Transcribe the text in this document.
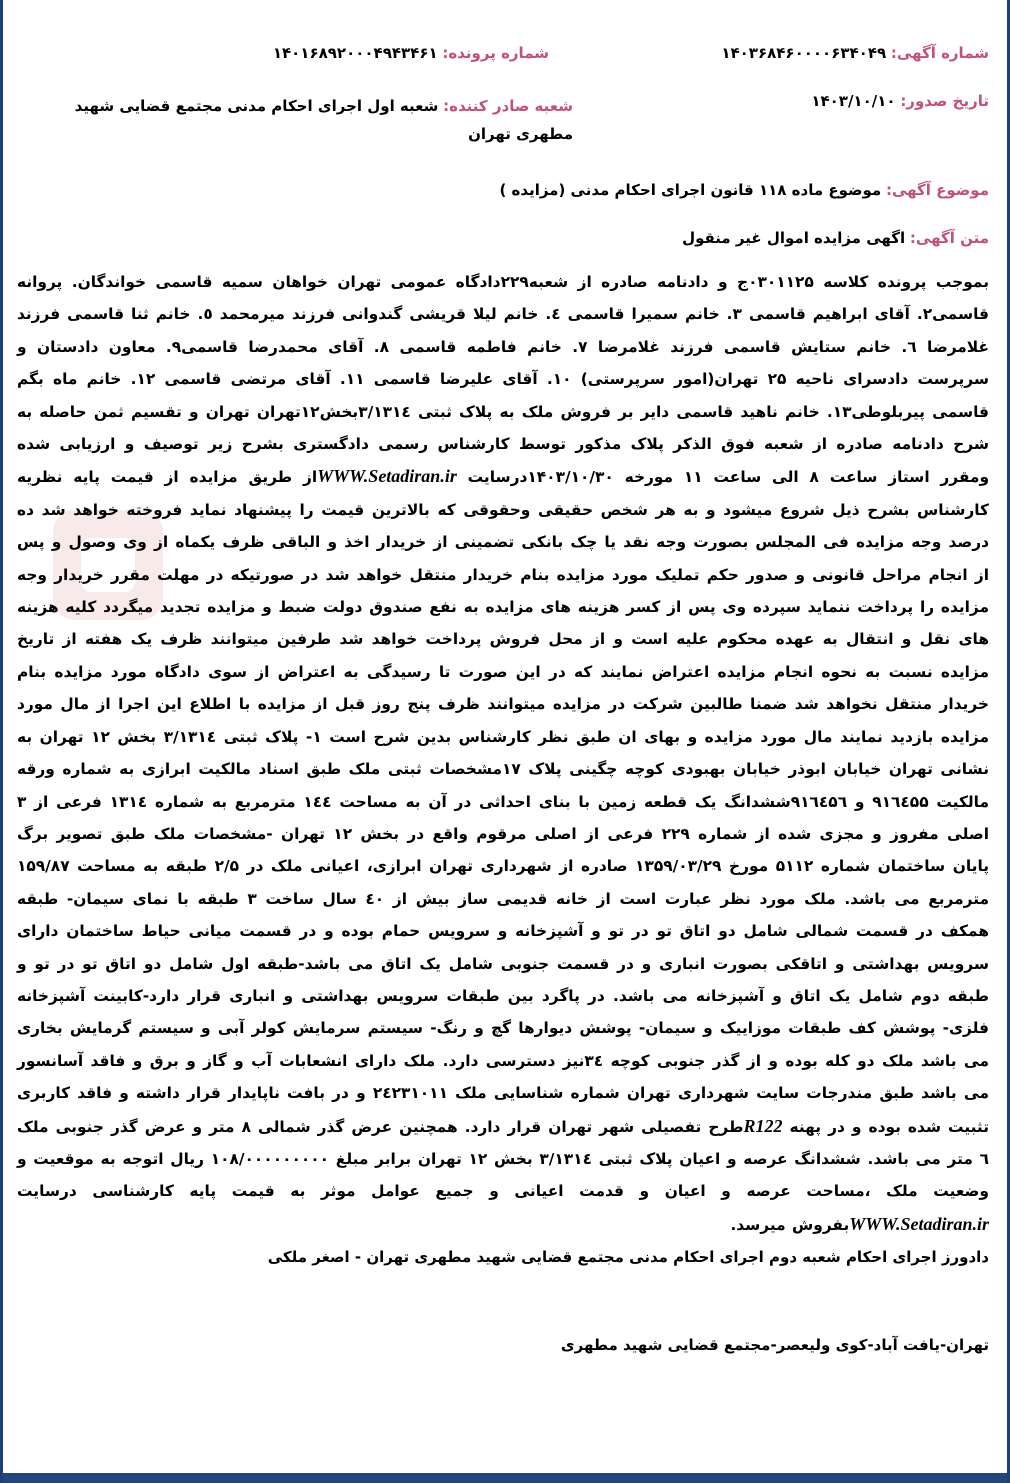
شماره آگهی: ۱۴۰۳۶۸۴۶۰۰۰۰۶۳۴۰۴۹
شماره پرونده: ۱۴۰۱۶۸۹۲۰۰۰۴۹۴۳۴۶۱
تاریخ صدور: ۱۴۰۳/۱۰/۱۰
شعبه صادر کننده: شعبه اول اجرای احکام مدنی مجتمع قضایی شهید مطهری تهران
موضوع آگهی: موضوع ماده ۱۱۸ قانون اجرای احکام مدنی (مزایده )
متن آگهی: اگهی مزایده اموال غیر منقول
بموجب پرونده کلاسه ۰۳۰۱۱۲۵ج و دادنامه صادره از شعبه۲۲۹دادگاه عمومی تهران خواهان سمیه قاسمی خواندگان. پروانه قاسمی۲. آقای ابراهیم قاسمی ۳. خانم سمیرا قاسمی ٤. خانم لیلا قریشی گندوانی فرزند میرمحمد ٥. خانم ثنا قاسمی فرزند غلامرضا ٦. خانم ستایش قاسمی فرزند غلامرضا ۷. خانم فاطمه قاسمی ۸. آقای محمدرضا قاسمی۹. معاون دادستان و سرپرست دادسرای ناحیه ۲۵ تهران(امور سرپرستی) ۱۰. آقای علیرضا قاسمی ۱۱. آقای مرتضی قاسمی ۱۲. خانم ماه بگم قاسمی پیربلوطی۱۳. خانم ناهید قاسمی دایر بر فروش ملک به پلاک ثبتی ۳/۱۳۱٤بخش۱۲تهران تهران و تقسیم ثمن حاصله به شرح دادنامه صادره از شعبه فوق الذکر پلاک مذکور توسط کارشناس رسمی دادگستری بشرح زیر توصیف و ارزیابی شده ومقرر استاز ساعت ۸ الی ساعت ۱۱ مورخه ۱۴۰۳/۱۰/۳۰درسایت WWW.Setadiran.irاز طریق مزایده از قیمت پایه نظریه کارشناس بشرح ذیل شروع میشود و به هر شخص حقیقی وحقوقی که بالاترین قیمت را پیشنهاد نماید فروخته خواهد شد ده درصد وجه مزایده فی المجلس بصورت وجه نقد یا چک بانکی تضمینی از خریدار اخذ و الباقی ظرف یکماه از وی وصول و پس از انجام مراحل قانونی و صدور حکم تملیک مورد مزایده بنام خریدار منتقل خواهد شد در صورتیکه در مهلت مقرر خریدار وجه مزایده را پرداخت ننماید سپرده وی پس از کسر هزینه های مزایده به نفع صندوق دولت ضبط و مزایده تجدید میگردد کلیه هزینه های نقل و انتقال به عهده محکوم علیه است و از محل فروش پرداخت خواهد شد طرفین میتوانند ظرف یک هفته از تاریخ مزایده نسبت به نحوه انجام مزایده اعتراض نمایند که در این صورت تا رسیدگی به اعتراض از سوی دادگاه مورد مزایده بنام خریدار منتقل نخواهد شد ضمنا طالبین شرکت در مزایده میتوانند ظرف پنج روز قبل از مزایده با اطلاع این اجرا از مال مورد مزایده بازدید نمایند مال مورد مزایده و بهای ان طبق نظر کارشناس بدین شرح است ۱- پلاک ثبتی ۳/۱۳۱٤ بخش ۱۲ تهران به نشانی تهران خیابان ابوذر خیابان بهبودی کوچه چگینی پلاک ۱۷مشخصات ثبتی ملک طبق اسناد مالکیت ابرازی به شماره ورقه مالکیت ۹۱٦٤۵۵ و ۹۱٦٤۵٦ششدانگ یک قطعه زمین با بنای احداثی در آن به مساحت ۱٤٤ مترمربع به شماره ۱۳۱٤ فرعی از ۳ اصلی مفروز و مجزی شده از شماره ۲۲۹ فرعی از اصلی مرقوم واقع در بخش ۱۲ تهران -مشخصات ملک طبق تصویر برگ پایان ساختمان شماره ۵۱۱۲ مورخ ۱۳۵۹/۰۳/۲۹ صادره از شهرداری تهران ابرازی، اعیانی ملک در ۲/۵ طبقه به مساحت ۱۵۹/۸۷ مترمربع می باشد. ملک مورد نظر عبارت است از خانه قدیمی ساز بیش از ٤۰ سال ساخت ۳ طبقه با نمای سیمان- طبقه همکف در قسمت شمالی شامل دو اتاق تو در تو و آشپزخانه و سرویس حمام بوده و در قسمت میانی حیاط ساختمان دارای سرویس بهداشتی و اتاقکی بصورت انباری و در قسمت جنوبی شامل یک اتاق می باشد-طبقه اول شامل دو اتاق تو در تو و طبقه دوم شامل یک اتاق و آشپزخانه می باشد. در پاگرد بین طبقات سرویس بهداشتی و انباری قرار دارد-کابینت آشپزخانه فلزی- پوشش کف طبقات موزاییک و سیمان- پوشش دیوارها گچ و رنگ- سیستم سرمایش کولر آبی و سیستم گرمایش بخاری می باشد ملک دو کله بوده و از گذر جنوبی کوچه ۳٤نیز دسترسی دارد. ملک دارای انشعابات آب و گاز و برق و فاقد آسانسور می باشد طبق مندرجات سایت شهرداری تهران شماره شناسایی ملک ۲٤۲۳۱۰۱۱ و در بافت ناپایدار قرار داشته و فاقد کاربری تثبیت شده بوده و در پهنه R122طرح تفصیلی شهر تهران قرار دارد. همچنین عرض گذر شمالی ۸ متر و عرض گذر جنوبی ملک ٦ متر می باشد. ششدانگ عرصه و اعیان پلاک ثبتی ۳/۱۳۱٤ بخش ۱۲ تهران برابر مبلغ ۱۰۸/۰۰۰۰۰۰۰۰۰ ریال اتوجه به موقعیت و وضعیت ملک ،مساحت عرصه و اعیان و قدمت اعیانی و جمیع عوامل موثر به قیمت پایه کارشناسی درسایت WWW.Setadiran.irبفروش میرسد.
دادورز اجرای احکام شعبه دوم اجرای احکام مدنی مجتمع قضایی شهید مطهری تهران - اصغر ملکی
تهران-یافت آباد-کوی ولیعصر-مجتمع قضایی شهید مطهری
